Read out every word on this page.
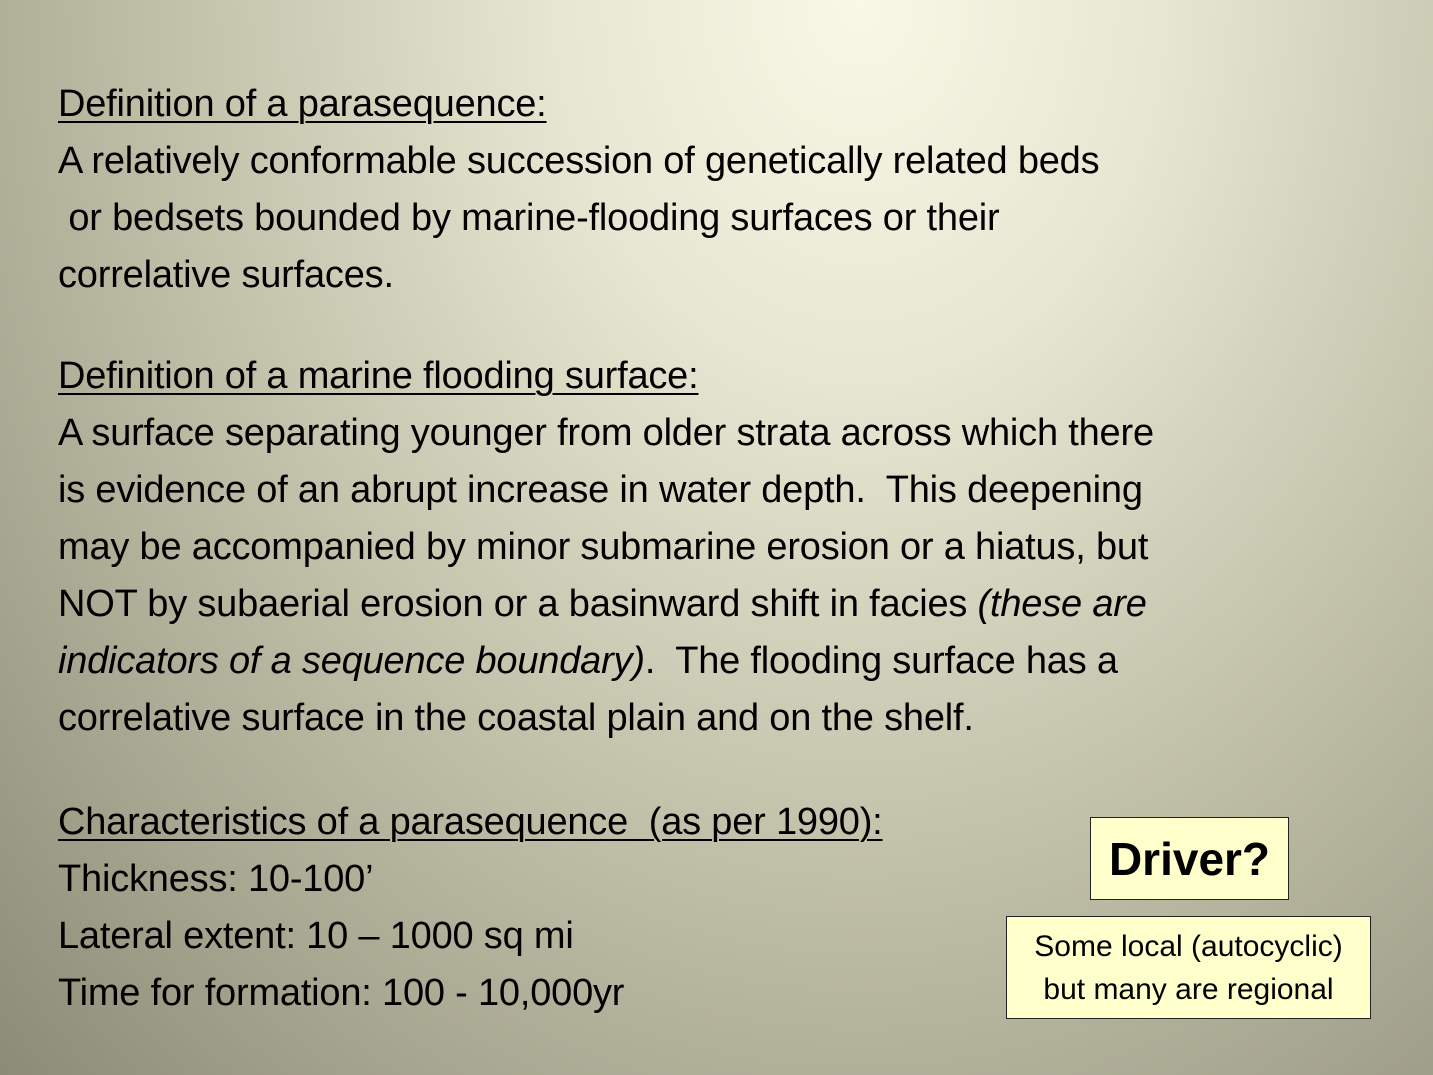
Definition of a parasequence:
A relatively conformable succession of genetically related beds
or bedsets bounded by marine-flooding surfaces or their
correlative surfaces.
Definition of a marine flooding surface:
A surface separating younger from older strata across which there
is evidence of an abrupt increase in water depth.  This deepening
may be accompanied by minor submarine erosion or a hiatus, but
NOT by subaerial erosion or a basinward shift in facies (these are
indicators of a sequence boundary).  The flooding surface has a
correlative surface in the coastal plain and on the shelf.
Characteristics of a parasequence  (as per 1990):
Thickness: 10-100’
Lateral extent: 10 – 1000 sq mi
Time for formation: 100 - 10,000yr
Driver?
Some local (autocyclic)
but many are regional
